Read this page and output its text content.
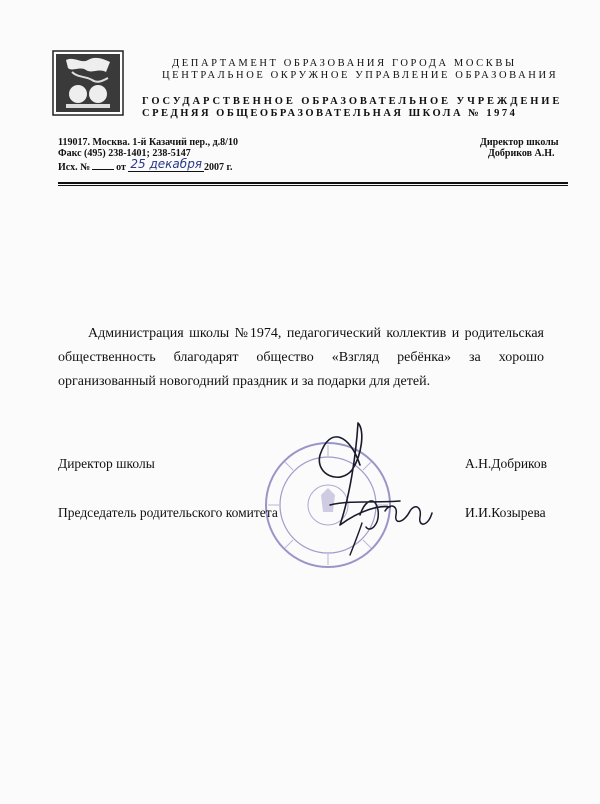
ДЕПАРТАМЕНТ ОБРАЗОВАНИЯ ГОРОДА МОСКВЫ
ЦЕНТРАЛЬНОЕ ОКРУЖНОЕ УПРАВЛЕНИЕ ОБРАЗОВАНИЯ
ГОСУДАРСТВЕННОЕ ОБРАЗОВАТЕЛЬНОЕ УЧРЕЖДЕНИЕ
СРЕДНЯЯ ОБЩЕОБРАЗОВАТЕЛЬНАЯ ШКОЛА № 1974
119017. Москва. 1-й Казачий пер., д.8/10
Факс (495) 238-1401; 238-5147
Исх. №	от 25 декабря 2007 г.
Директор школы
Добриков А.Н.
Администрация школы №1974, педагогический коллектив и родительская общественность благодарят общество «Взгляд ребёнка» за хорошо организованный новогодний праздник и за подарки для детей.
Директор школы	А.Н.Добриков
Председатель родительского комитета	И.И.Козырева
